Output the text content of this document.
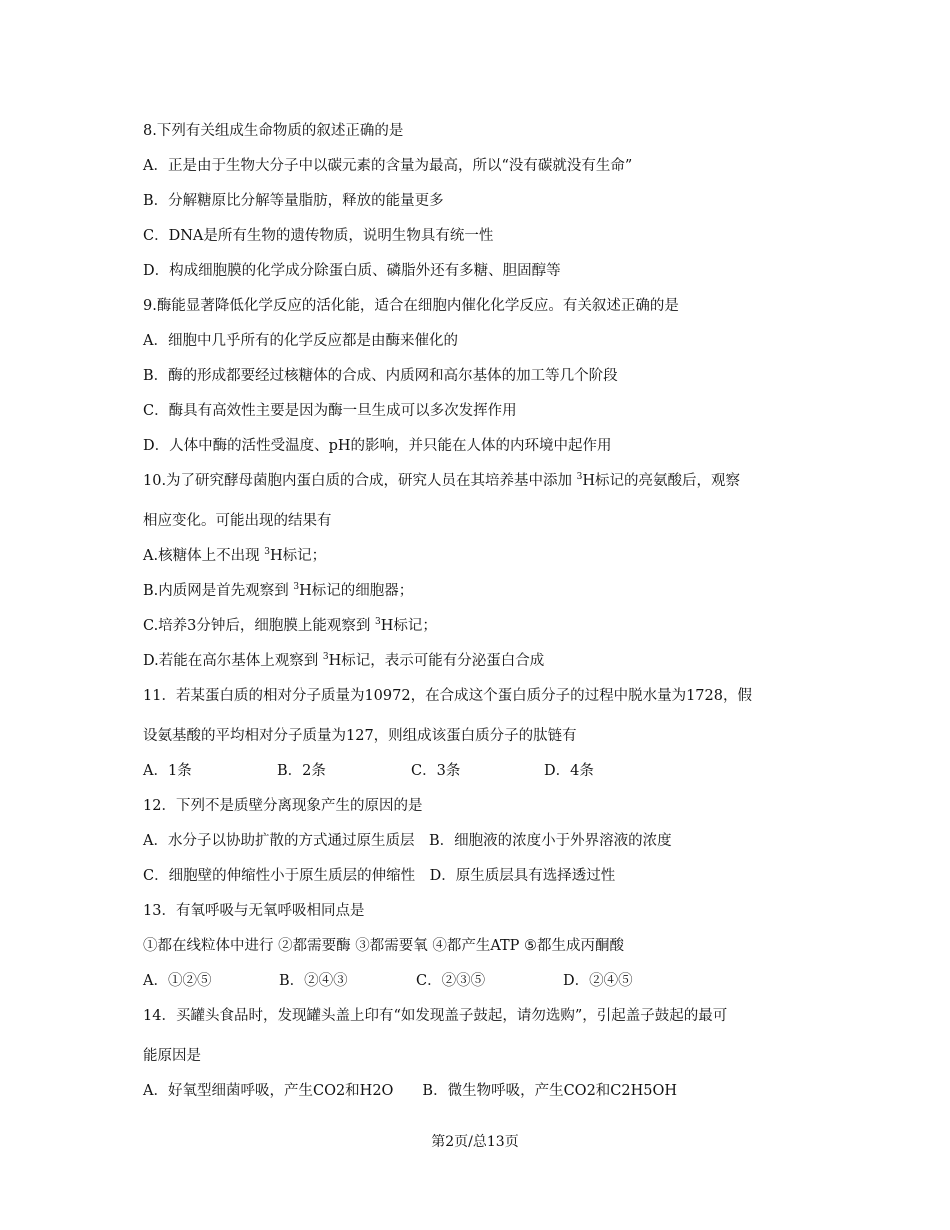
8.下列有关组成生命物质的叙述正确的是
A．正是由于生物大分子中以碳元素的含量为最高，所以“没有碳就没有生命”
B．分解糖原比分解等量脂肪，释放的能量更多
C．DNA是所有生物的遗传物质，说明生物具有统一性
D．构成细胞膜的化学成分除蛋白质、磷脂外还有多糖、胆固醇等
9.酶能显著降低化学反应的活化能，适合在细胞内催化化学反应。有关叙述正确的是
A．细胞中几乎所有的化学反应都是由酶来催化的
B．酶的形成都要经过核糖体的合成、内质网和高尔基体的加工等几个阶段
C．酶具有高效性主要是因为酶一旦生成可以多次发挥作用
D．人体中酶的活性受温度、pH的影响，并只能在人体的内环境中起作用
10.为了研究酵母菌胞内蛋白质的合成，研究人员在其培养基中添加 $^3$H标记的亮氨酸后，观察
相应变化。可能出现的结果有
A.核糖体上不出现 $^3$H标记；
B.内质网是首先观察到 $^3$H标记的细胞器；
C.培养3分钟后，细胞膜上能观察到 $^3$H标记；
D.若能在高尔基体上观察到 $^3$H标记，表示可能有分泌蛋白合成
11．若某蛋白质的相对分子质量为10972，在合成这个蛋白质分子的过程中脱水量为1728，假
设氨基酸的平均相对分子质量为127，则组成该蛋白质分子的肽链有
A．1条	B．2条	C．3条	D．4条
12．下列不是质壁分离现象产生的原因的是
A．水分子以协助扩散的方式通过原生质层　B．细胞液的浓度小于外界溶液的浓度
C．细胞壁的伸缩性小于原生质层的伸缩性　D．原生质层具有选择透过性
13．有氧呼吸与无氧呼吸相同点是
①都在线粒体中进行 ②都需要酶 ③都需要氧 ④都产生ATP ⑤都生成丙酮酸
A．①②⑤	B．②④③	C．②③⑤	D．②④⑤
14．买罐头食品时，发现罐头盖上印有“如发现盖子鼓起，请勿选购”，引起盖子鼓起的最可
能原因是
A．好氧型细菌呼吸，产生CO2和H2O　　B．微生物呼吸，产生CO2和C2H5OH
第2页/总13页
